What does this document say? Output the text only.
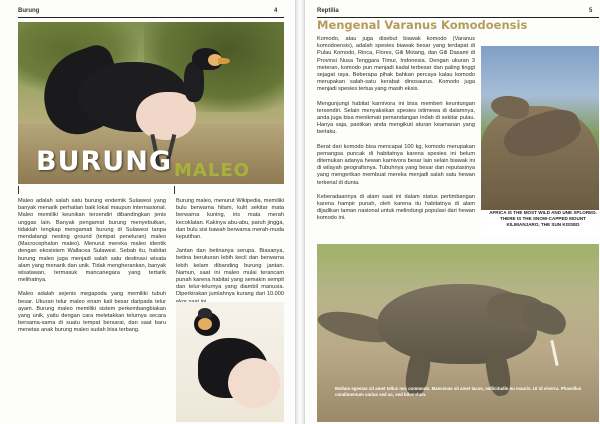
Burung	4
BURUNG MALEO

Maleo adalah salah satu burung endemik Sulawesi yang banyak menarik perhatian baik lokal maupun internasional. Maleo memiliki keunikan tersendiri dibandingkan jenis unggas lain. Banyak pengamat burung menyebutkan, tidaklah lengkap mengamati burung di Sulawesi tanpa mendatangi nesting ground (tempat peneluran) maleo (Macrocephalon maleo). Menurut mereka maleo identik dengan ekosistem Wallacea Sulawesi. Sebab itu, habitat burung maleo juga menjadi salah satu destinasi wisata alam yang menarik dan unik. Tidak mengherankan, banyak wisatawan, termasuk mancanegara yang tertarik melihatnya.

Maleo adalah sejenis megapoda yang memiliki tubuh besar. Ukuran telur maleo enam kali besar daripada telur ayam. Burung maleo memiliki sistem perkembangbiakan yang unik, yaitu dengan cara meletakkan telurnya secara bersama-sama di suatu tempat bersarai, dan saat baru menetas anak burung maleo sudah bisa terbang.

Burung maleo, menurut Wikipedia, memiliki bulu berwarna hitam, kulit sekitar mata berwarna kuning, iris mata merah kecoklatan. Kakinya abu-abu, paruh jingga, dan bulu sisi bawah berwarna merah-muda keputihan.

Jantan dan betinanya serupa. Biasanya, betina berukuran lebih kecil dan berwarna lebih kelam dibanding burung jantan. Namun, saat ini maleo mulai terancam punah karena habitat yang semakin sempit dan telur-telurnya yang diambil manusia. Diperkirakan jumlahnya kurang dari 10.000

Reptilia	5
Mengenal Varanus Komodoensis

Komodo, atau juga disebut biawak komodo (Varanus komodoensis), adalah spesies biawak besar yang terdapat di Pulau Komodo, Rinca, Flores, Gili Motang, dan Gili Dasami di Provinsi Nusa Tenggara Timur, Indonesia. Dengan ukuran 3 meteran, komodo pun menjadi kadal terbesar dan paling tinggi sejagat raya. Beberapa pihak bahkan percaya kalau komodo merupakan salah-satu kerabat dinosaurus. Komodo juga menjadi spesies tertua yang masih eksis.

Mengunjungi habitat karnivora ini bisa memberi keuntungan tersendiri. Selain menyaksikan spesies istimewa di dalamnya, anda juga bisa menikmati pemandangan indah di sekitar pulau. Hanya saja, pastikan anda mengikuti aturan keamanan yang berlaku.

Berat dari komodo bisa mencapai 100 kg, komodo merupakan pemangsa puncak di habitatnya karena spesies ini belum ditemukan adanya hewan karnivora besar lain selain biawak ini di wilayah geografisnya. Tubuhnya yang besar dan reputasinya yang mengerikan membuat mereka menjadi salah satu hewan terkenal di dunia.

Keberadaannya di alam saat ini dalam status pertimbangan karena hampir punah, oleh karena itu habitatnya di alam dijadikan taman nasional untuk melindungi populasi dari hewan komodo ini.

AFRICA IS THE MOST WILD AND UNE XPLORED. THERE IS THE SNOW-CAPPED MOUNT KILIMANJARO, THE SUN KISSED
Mollam egestas sit amet tellus nec commodo. Maecenas sit amet lacus, sollicitudin eu mauris. Ut id viverra. Phasellus condimentum varius sed ac, sed bibendum.
